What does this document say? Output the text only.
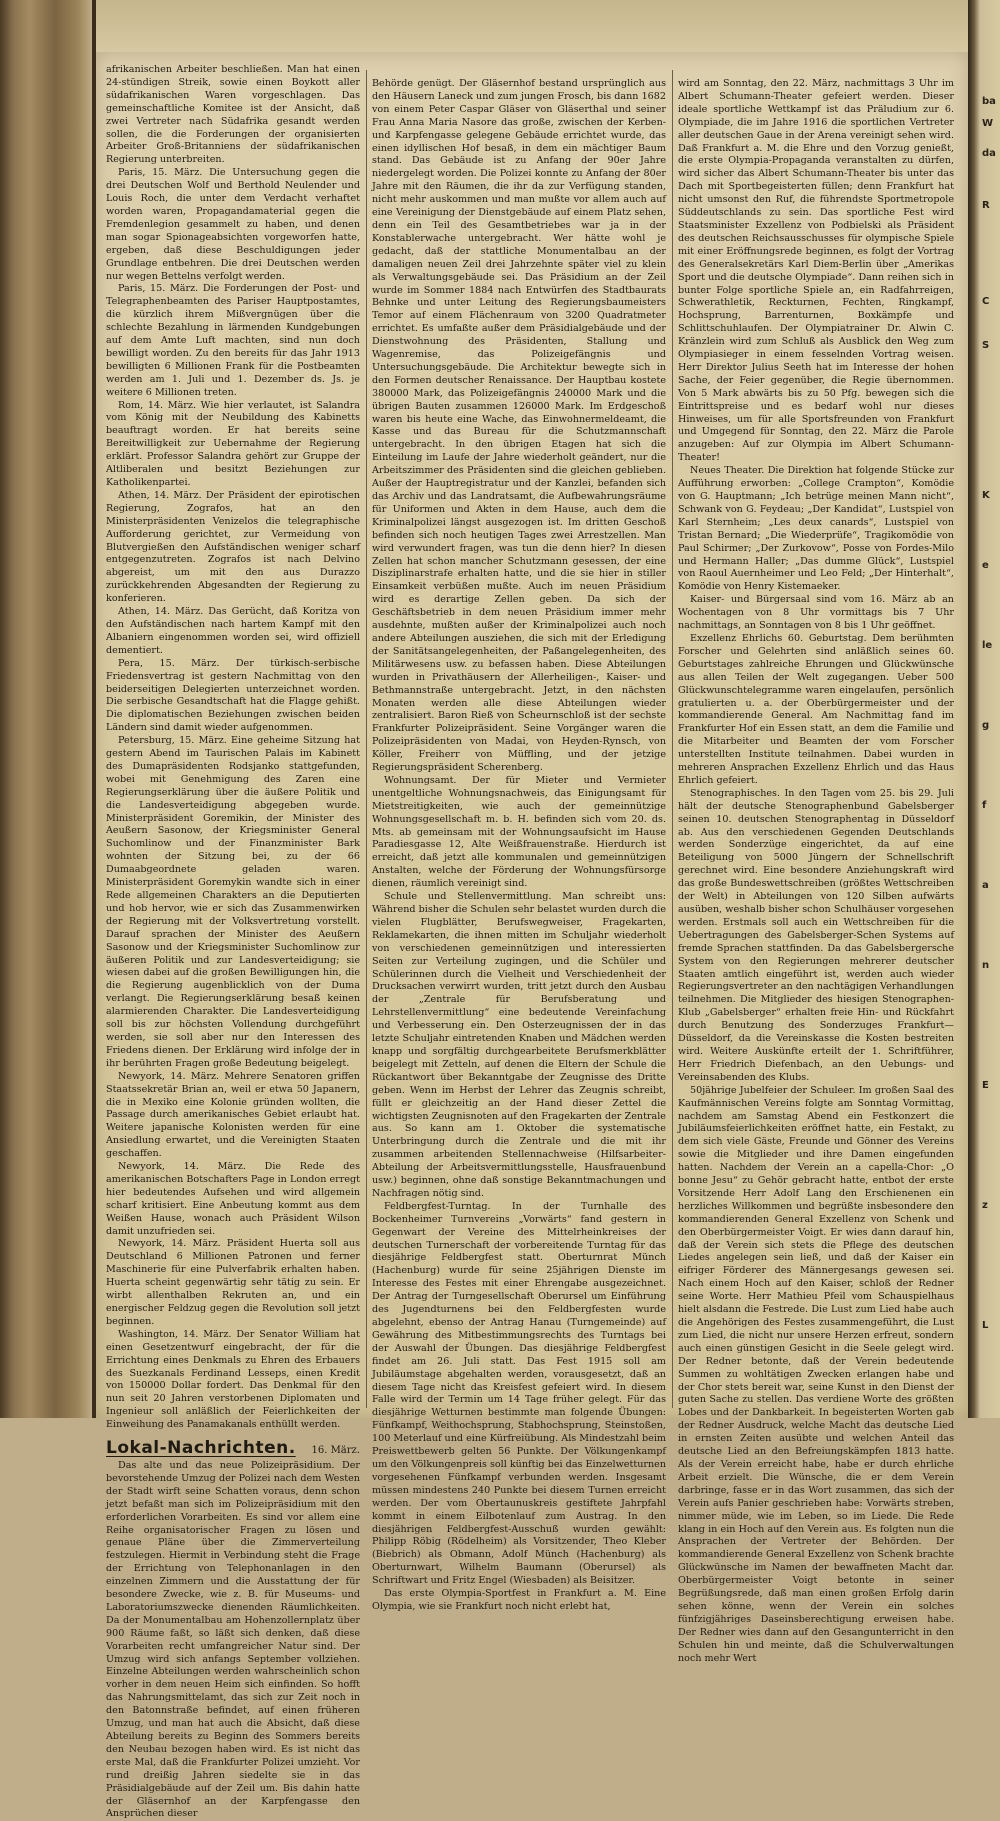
afrikanischen Arbeiter beschließen. Man hat einen 24-stündigen Streik, sowie einen Boykott aller südafrikanischen Waren vorgeschlagen. Das gemeinschaftliche Komitee ist der Ansicht, daß zwei Vertreter nach Südafrika gesandt werden sollen, die die Forderungen der organisierten Arbeiter Groß-Britanniens der südafrikanischen Regierung unterbreiten.

Paris, 15. März. Die Untersuchung gegen die drei Deutschen Wolf und Berthold Neulender und Louis Roch, die unter dem Verdacht verhaftet worden waren, Propagandamaterial gegen die Fremdenlegion gesammelt zu haben, und denen man sogar Spionageabsichten vorgeworfen hatte, ergeben, daß diese Beschuldigungen jeder Grundlage entbehren. Die drei Deutschen werden nur wegen Bettelns verfolgt werden.

Paris, 15. März. Die Forderungen der Post- und Telegraphenbeamten des Pariser Hauptpostamtes, die kürzlich ihrem Mißvergnügen über die schlechte Bezahlung in lärmenden Kundgebungen auf dem Amte Luft machten, sind nun doch bewilligt worden. Zu den bereits für das Jahr 1913 bewilligten 6 Millionen Frank für die Postbeamten werden am 1. Juli und 1. Dezember ds. Js. je weitere 6 Millionen treten.

Rom, 14. März. Wie hier verlautet, ist Salandra vom König mit der Neubildung des Kabinetts beauftragt worden. Er hat bereits seine Bereitwilligkeit zur Uebernahme der Regierung erklärt. Professor Salandra gehört zur Gruppe der Altliberalen und besitzt Beziehungen zur Katholikenpartei.

Athen, 14. März. Der Präsident der epirotischen Regierung, Zografos, hat an den Ministerpräsidenten Venizelos die telegraphische Aufforderung gerichtet, zur Vermeidung von Blutvergießen den Aufständischen weniger scharf entgegenzutreten. Zografos ist nach Delvino abgereist, um mit den aus Durazzo zurückkehrenden Abgesandten der Regierung zu konferieren.

Athen, 14. März. Das Gerücht, daß Koritza von den Aufständischen nach hartem Kampf mit den Albaniern eingenommen worden sei, wird offiziell dementiert.

Pera, 15. März. Der türkisch-serbische Friedensvertrag ist gestern Nachmittag von den beiderseitigen Delegierten unterzeichnet worden. Die serbische Gesandtschaft hat die Flagge gehißt. Die diplomatischen Beziehungen zwischen beiden Ländern sind damit wieder aufgenommen.

Petersburg, 15. März. Eine geheime Sitzung hat gestern Abend im Taurischen Palais im Kabinett des Dumapräsidenten Rodsjanko stattgefunden, wobei mit Genehmigung des Zaren eine Regierungserklärung über die äußere Politik und die Landesverteidigung abgegeben wurde. Ministerpräsident Goremikin, der Minister des Aeußern Sasonow, der Kriegsminister General Suchomlinow und der Finanzminister Bark wohnten der Sitzung bei, zu der 66 Dumaabgeordnete geladen waren. Ministerpräsident Goremykin wandte sich in einer Rede allgemeinen Charakters an die Deputierten und hob hervor, wie er sich das Zusammenwirken der Regierung mit der Volksvertretung vorstellt. Darauf sprachen der Minister des Aeußern Sasonow und der Kriegsminister Suchomlinow zur äußeren Politik und zur Landesverteidigung; sie wiesen dabei auf die großen Bewilligungen hin, die die Regierung augenblicklich von der Duma verlangt. Die Regierungserklärung besaß keinen alarmierenden Charakter. Die Landesverteidigung soll bis zur höchsten Vollendung durchgeführt werden, sie soll aber nur den Interessen des Friedens dienen. Der Erklärung wird infolge der in ihr berührten Fragen große Bedeutung beigelegt.

Newyork, 14. März. Mehrere Senatoren griffen Staatssekretär Brian an, weil er etwa 50 Japanern, die in Mexiko eine Kolonie gründen wollten, die Passage durch amerikanisches Gebiet erlaubt hat. Weitere japanische Kolonisten werden für eine Ansiedlung erwartet, und die Vereinigten Staaten geschaffen.

Newyork, 14. März. Die Rede des amerikanischen Botschafters Page in London erregt hier bedeutendes Aufsehen und wird allgemein scharf kritisiert. Eine Anbeutung kommt aus dem Weißen Hause, wonach auch Präsident Wilson damit unzufrieden sei.

Newyork, 14. März. Präsident Huerta soll aus Deutschland 6 Millionen Patronen und ferner Maschinerie für eine Pulverfabrik erhalten haben. Huerta scheint gegenwärtig sehr tätig zu sein. Er wirbt allenthalben Rekruten an, und ein energischer Feldzug gegen die Revolution soll jetzt beginnen.

Washington, 14. März. Der Senator William hat einen Gesetzentwurf eingebracht, der für die Errichtung eines Denkmals zu Ehren des Erbauers des Suezkanals Ferdinand Lesseps, einen Kredit von 150000 Dollar fordert. Das Denkmal für den nun seit 20 Jahren verstorbenen Diplomaten und Ingenieur soll anläßlich der Feierlichkeiten der Einweihung des Panamakanals enthüllt werden.

Lokal-Nachrichten. 16. März.

Das alte und das neue Polizeipräsidium. Der bevorstehende Umzug der Polizei nach dem Westen der Stadt wirft seine Schatten voraus, denn schon jetzt befaßt man sich im Polizeipräsidium mit den erforderlichen Vorarbeiten. Es sind vor allem eine Reihe organisatorischer Fragen zu lösen und genaue Pläne über die Zimmerverteilung festzulegen. Hiermit in Verbindung steht die Frage der Errichtung von Telephonanlagen in den einzelnen Zimmern und die Ausstattung der für besondere Zwecke, wie z. B. für Museums- und Laboratoriumszwecke dienenden Räumlichkeiten. Da der Monumentalbau am Hohenzollernplatz über 900 Räume faßt, so läßt sich denken, daß diese Vorarbeiten recht umfangreicher Natur sind. Der Umzug wird sich anfangs September vollziehen. Einzelne Abteilungen werden wahrscheinlich schon vorher in dem neuen Heim sich einfinden. So hofft das Nahrungsmittelamt, das sich zur Zeit noch in den Batonnstraße befindet, auf einen früheren Umzug, und man hat auch die Absicht, daß diese Abteilung bereits zu Beginn des Sommers bereits den Neubau bezogen haben wird. Es ist nicht das erste Mal, daß die Frankfurter Polizei umzieht. Vor rund dreißig Jahren siedelte sie in das Präsidialgebäude auf der Zeil um. Bis dahin hatte der Gläsernhof an der Karpfengasse den Ansprüchen dieser

Behörde genügt. Der Gläsernhof bestand ursprünglich aus den Häusern Laneck und zum jungen Frosch, bis dann 1682 von einem Peter Caspar Gläser von Gläserthal und seiner Frau Anna Maria Nasore das große, zwischen der Kerben- und Karpfengasse gelegene Gebäude errichtet wurde, das einen idyllischen Hof besaß, in dem ein mächtiger Baum stand. Das Gebäude ist zu Anfang der 90er Jahre niedergelegt worden. Die Polizei konnte zu Anfang der 80er Jahre mit den Räumen, die ihr da zur Verfügung standen, nicht mehr auskommen und man mußte vor allem auch auf eine Vereinigung der Dienstgebäude auf einem Platz sehen, denn ein Teil des Gesamtbetriebes war ja in der Konstablerwache untergebracht. Wer hätte wohl je gedacht, daß der stattliche Monumentalbau an der damaligen neuen Zeil drei Jahrzehnte später viel zu klein als Verwaltungsgebäude sei. Das Präsidium an der Zeil wurde im Sommer 1884 nach Entwürfen des Stadtbaurats Behnke und unter Leitung des Regierungsbaumeisters Temor auf einem Flächenraum von 3200 Quadratmeter errichtet. Es umfaßte außer dem Präsidialgebäude und der Dienstwohnung des Präsidenten, Stallung und Wagenremise, das Polizeigefängnis und Untersuchungsgebäude. Die Architektur bewegte sich in den Formen deutscher Renaissance. Der Hauptbau kostete 380000 Mark, das Polizeigefängnis 240000 Mark und die übrigen Bauten zusammen 126000 Mark. Im Erdgeschoß waren bis heute eine Wache, das Einwohnermeldeamt, die Kasse und das Bureau für die Schutzmannschaft untergebracht. In den übrigen Etagen hat sich die Einteilung im Laufe der Jahre wiederholt geändert, nur die Arbeitszimmer des Präsidenten sind die gleichen geblieben. Außer der Hauptregistratur und der Kanzlei, befanden sich das Archiv und das Landratsamt, die Aufbewahrungsräume für Uniformen und Akten in dem Hause, auch dem die Kriminalpolizei längst ausgezogen ist. Im dritten Geschoß befinden sich noch heutigen Tages zwei Arrestzellen. Man wird verwundert fragen, was tun die denn hier? In diesen Zellen hat schon mancher Schutzmann gesessen, der eine Disziplinarstrafe erhalten hatte, und die sie hier in stiller Einsamkeit verbüßen mußte. Auch im neuen Präsidium wird es derartige Zellen geben. Da sich der Geschäftsbetrieb in dem neuen Präsidium immer mehr ausdehnte, mußten außer der Kriminalpolizei auch noch andere Abteilungen ausziehen, die sich mit der Erledigung der Sanitätsangelegenheiten, der Paßangelegenheiten, des Militärwesens usw. zu befassen haben. Diese Abteilungen wurden in Privathäusern der Allerheiligen-, Kaiser- und Bethmannstraße untergebracht. Jetzt, in den nächsten Monaten werden alle diese Abteilungen wieder zentralisiert. Baron Rieß von Scheurnschloß ist der sechste Frankfurter Polizeipräsident. Seine Vorgänger waren die Polizeipräsidenten von Madai, von Heyden-Rynsch, von Köller, Freiherr von Müffling, und der jetzige Regierungspräsident Scherenberg.

Wohnungsamt. Der für Mieter und Vermieter unentgeltliche Wohnungsnachweis, das Einigungsamt für Mietstreitigkeiten, wie auch der gemeinnützige Wohnungsgesellschaft m. b. H. befinden sich vom 20. ds. Mts. ab gemeinsam mit der Wohnungsaufsicht im Hause Paradiesgasse 12, Alte Weißfrauenstraße. Hierdurch ist erreicht, daß jetzt alle kommunalen und gemeinnützigen Anstalten, welche der Förderung der Wohnungsfürsorge dienen, räumlich vereinigt sind.

Schule und Stellenvermittlung. Man schreibt uns: Während bisher die Schulen sehr belastet wurden durch die vielen Flugblätter, Berufswegweiser, Fragekarten, Reklamekarten, die ihnen mitten im Schuljahr wiederholt von verschiedenen gemeinnützigen und interessierten Seiten zur Verteilung zugingen, und die Schüler und Schülerinnen durch die Vielheit und Verschiedenheit der Drucksachen verwirrt wurden, tritt jetzt durch den Ausbau der „Zentrale für Berufsberatung und Lehrstellenvermittlung“ eine bedeutende Vereinfachung und Verbesserung ein. Den Osterzeugnissen der in das letzte Schuljahr eintretenden Knaben und Mädchen werden knapp und sorgfältig durchgearbeitete Berufsmerkblätter beigelegt mit Zetteln, auf denen die Eltern der Schule die Rückantwort über Bekanntgabe der Zeugnisse des Dritte geben. Wenn im Herbst der Lehrer das Zeugnis schreibt, füllt er gleichzeitig an der Hand dieser Zettel die wichtigsten Zeugnisnoten auf den Fragekarten der Zentrale aus. So kann am 1. Oktober die systematische Unterbringung durch die Zentrale und die mit ihr zusammen arbeitenden Stellennachweise (Hilfsarbeiter-Abteilung der Arbeitsvermittlungsstelle, Hausfrauenbund usw.) beginnen, ohne daß sonstige Bekanntmachungen und Nachfragen nötig sind.

Feldbergfest-Turntag. In der Turnhalle des Bockenheimer Turnvereins „Vorwärts“ fand gestern in Gegenwart der Vereine des Mittelrheinkreises der deutschen Turnerschaft der vorbereitende Turntag für das diesjährige Feldbergfest statt. Oberturnrat Münch (Hachenburg) wurde für seine 25jährigen Dienste im Interesse des Festes mit einer Ehrengabe ausgezeichnet. Der Antrag der Turngesellschaft Oberursel um Einführung des Jugendturnens bei den Feldbergfesten wurde abgelehnt, ebenso der Antrag Hanau (Turngemeinde) auf Gewährung des Mitbestimmungsrechts des Turntags bei der Auswahl der Übungen. Das diesjährige Feldbergfest findet am 26. Juli statt. Das Fest 1915 soll am Jubiläumstage abgehalten werden, vorausgesetzt, daß an diesem Tage nicht das Kreisfest gefeiert wird. In diesem Falle wird der Termin um 14 Tage früher gelegt. Für das diesjährige Wetturnen bestimmte man folgende Übungen: Fünfkampf, Weithochsprung, Stabhochsprung, Steinstoßen, 100 Meterlauf und eine Kürfreiübung. Als Mindestzahl beim Preiswettbewerb gelten 56 Punkte. Der Völkungenkampf um den Völkungenpreis soll künftig bei das Einzelwetturnen vorgesehenen Fünfkampf verbunden werden. Insgesamt müssen mindestens 240 Punkte bei diesem Turnen erreicht werden. Der vom Obertaunuskreis gestiftete Jahrpfahl kommt in einem Eilbotenlauf zum Austrag. In den diesjährigen Feldbergfest-Ausschuß wurden gewählt: Philipp Röbig (Rödelheim) als Vorsitzender, Theo Kleber (Biebrich) als Obmann, Adolf Münch (Hachenburg) als Oberturnwart, Wilhelm Baumann (Oberursel) als Schriftwart und Fritz Engel (Wiesbaden) als Beisitzer.

Das erste Olympia-Sportfest in Frankfurt a. M. Eine Olympia, wie sie Frankfurt noch nicht erlebt hat,

wird am Sonntag, den 22. März, nachmittags 3 Uhr im Albert Schumann-Theater gefeiert werden. Dieser ideale sportliche Wettkampf ist das Präludium zur 6. Olympiade, die im Jahre 1916 die sportlichen Vertreter aller deutschen Gaue in der Arena vereinigt sehen wird. Daß Frankfurt a. M. die Ehre und den Vorzug genießt, die erste Olympia-Propaganda veranstalten zu dürfen, wird sicher das Albert Schumann-Theater bis unter das Dach mit Sportbegeisterten füllen; denn Frankfurt hat nicht umsonst den Ruf, die führendste Sportmetropole Süddeutschlands zu sein. Das sportliche Fest wird Staatsminister Exzellenz von Podbielski als Präsident des deutschen Reichsausschusses für olympische Spiele mit einer Eröffnungsrede beginnen, es folgt der Vortrag des Generalsekretärs Karl Diem-Berlin über „Amerikas Sport und die deutsche Olympiade“. Dann reihen sich in bunter Folge sportliche Spiele an, ein Radfahrreigen, Schwerathletik, Reckturnen, Fechten, Ringkampf, Hochsprung, Barrenturnen, Boxkämpfe und Schlittschuhlaufen. Der Olympiatrainer Dr. Alwin C. Kränzlein wird zum Schluß als Ausblick den Weg zum Olympiasieger in einem fesselnden Vortrag weisen. Herr Direktor Julius Seeth hat im Interesse der hohen Sache, der Feier gegenüber, die Regie übernommen. Von 5 Mark abwärts bis zu 50 Pfg. bewegen sich die Eintrittspreise und es bedarf wohl nur dieses Hinweises, um für alle Sportsfreunden von Frankfurt und Umgegend für Sonntag, den 22. März die Parole anzugeben: Auf zur Olympia im Albert Schumann-Theater!

Neues Theater. Die Direktion hat folgende Stücke zur Aufführung erworben: „College Crampton“, Komödie von G. Hauptmann; „Ich betrüge meinen Mann nicht“, Schwank von G. Feydeau; „Der Kandidat“, Lustspiel von Karl Sternheim; „Les deux canards“, Lustspiel von Tristan Bernard; „Die Wiederprüfe“, Tragikomödie von Paul Schirmer; „Der Zurkovow“, Posse von Fordes-Milo und Hermann Haller; „Das dumme Glück“, Lustspiel von Raoul Auernheimer und Leo Feld; „Der Hinterhalt“, Komödie von Henry Kistemaeker.

Kaiser- und Bürgersaal sind vom 16. März ab an Wochentagen von 8 Uhr vormittags bis 7 Uhr nachmittags, an Sonntagen von 8 bis 1 Uhr geöffnet.

Exzellenz Ehrlichs 60. Geburtstag. Dem berühmten Forscher und Gelehrten sind anläßlich seines 60. Geburtstages zahlreiche Ehrungen und Glückwünsche aus allen Teilen der Welt zugegangen. Ueber 500 Glückwunschtelegramme waren eingelaufen, persönlich gratulierten u. a. der Oberbürgermeister und der kommandierende General. Am Nachmittag fand im Frankfurter Hof ein Essen statt, an dem die Familie und die Mitarbeiter und Beamten der vom Forscher unterstellten Institute teilnahmen. Dabei wurden in mehreren Ansprachen Exzellenz Ehrlich und das Haus Ehrlich gefeiert.

Stenographisches. In den Tagen vom 25. bis 29. Juli hält der deutsche Stenographenbund Gabelsberger seinen 10. deutschen Stenographentag in Düsseldorf ab. Aus den verschiedenen Gegenden Deutschlands werden Sonderzüge eingerichtet, da auf eine Beteiligung von 5000 Jüngern der Schnellschrift gerechnet wird. Eine besondere Anziehungskraft wird das große Bundeswettschreiben (größtes Wettschreiben der Welt) in Abteilungen von 120 Silben aufwärts ausüben, weshalb bisher schon Schulhäuser vorgesehen werden. Erstmals soll auch ein Wettschreiben für die Uebertragungen des Gabelsberger-Schen Systems auf fremde Sprachen stattfinden. Da das Gabelsbergersche System von den Regierungen mehrerer deutscher Staaten amtlich eingeführt ist, werden auch wieder Regierungsvertreter an den nachtägigen Verhandlungen teilnehmen. Die Mitglieder des hiesigen Stenographen-Klub „Gabelsberger“ erhalten freie Hin- und Rückfahrt durch Benutzung des Sonderzuges Frankfurt—Düsseldorf, da die Vereinskasse die Kosten bestreiten wird. Weitere Auskünfte erteilt der 1. Schriftführer, Herr Friedrich Diefenbach, an den Uebungs- und Vereinsabenden des Klubs.

50jährige Jubelfeier der Schuleer. Im großen Saal des Kaufmännischen Vereins folgte am Sonntag Vormittag, nachdem am Samstag Abend ein Festkonzert die Jubiläumsfeierlichkeiten eröffnet hatte, ein Festakt, zu dem sich viele Gäste, Freunde und Gönner des Vereins sowie die Mitglieder und ihre Damen eingefunden hatten. Nachdem der Verein an a capella-Chor: „O bonne Jesu“ zu Gehör gebracht hatte, entbot der erste Vorsitzende Herr Adolf Lang den Erschienenen ein herzliches Willkommen und begrüßte insbesondere den kommandierenden General Exzellenz von Schenk und den Oberbürgermeister Voigt. Er wies dann darauf hin, daß der Verein sich stets die Pflege des deutschen Liedes angelegen sein ließ, und daß der Kaiser ein eifriger Förderer des Männergesangs gewesen sei. Nach einem Hoch auf den Kaiser, schloß der Redner seine Worte. Herr Mathieu Pfeil vom Schauspielhaus hielt alsdann die Festrede. Die Lust zum Lied habe auch die Angehörigen des Festes zusammengeführt, die Lust zum Lied, die nicht nur unsere Herzen erfreut, sondern auch einen günstigen Gesicht in die Seele gelegt wird. Der Redner betonte, daß der Verein bedeutende Summen zu wohltätigen Zwecken erlangen habe und der Chor stets bereit war, seine Kunst in den Dienst der guten Sache zu stellen. Das verdiene Worte des größten Lobes und der Dankbarkeit. In begeisterten Worten gab der Redner Ausdruck, welche Macht das deutsche Lied in ernsten Zeiten ausübte und welchen Anteil das deutsche Lied an den Befreiungskämpfen 1813 hatte. Als der Verein erreicht habe, habe er durch ehrliche Arbeit erzielt. Die Wünsche, die er dem Verein darbringe, fasse er in das Wort zusammen, das sich der Verein aufs Panier geschrieben habe: Vorwärts streben, nimmer müde, wie im Leben, so im Liede. Die Rede klang in ein Hoch auf den Verein aus. Es folgten nun die Ansprachen der Vertreter der Behörden. Der kommandierende General Exzellenz von Schenk brachte Glückwünsche im Namen der bewaffneten Macht dar. Oberbürgermeister Voigt betonte in seiner Begrüßungsrede, daß man einen großen Erfolg darin sehen könne, wenn der Verein ein solches fünfzigjähriges Daseinsberechtigung erweisen habe. Der Redner wies dann auf den Gesangunterricht in den Schulen hin und meinte, daß die Schulverwaltungen noch mehr Wert

ba
W
da
R
C
S
K
e
le
g
f
a
n
E
z
L
